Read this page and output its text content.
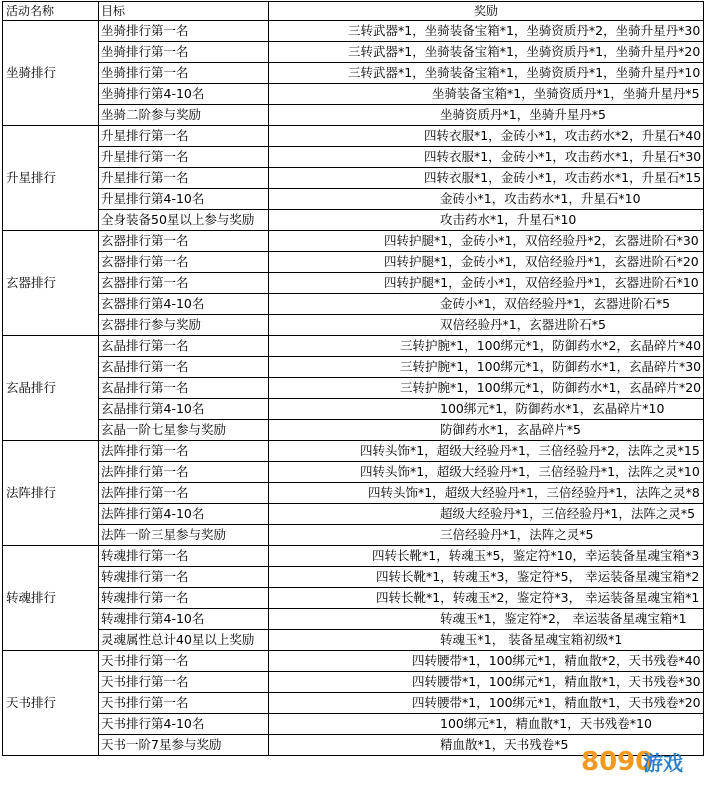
活动名称	目标	奖励
坐骑排行	坐骑排行第一名	三转武器*1，坐骑装备宝箱*1，坐骑资质丹*2，坐骑升星丹*30
	坐骑排行第一名	三转武器*1，坐骑装备宝箱*1，坐骑资质丹*1，坐骑升星丹*20
	坐骑排行第一名	三转武器*1，坐骑装备宝箱*1，坐骑资质丹*1，坐骑升星丹*10
	坐骑排行第4-10名	坐骑装备宝箱*1，坐骑资质丹*1，坐骑升星丹*5
	坐骑二阶参与奖励	坐骑资质丹*1，坐骑升星丹*5
升星排行	升星排行第一名	四转衣服*1，金砖小*1，攻击药水*2，升星石*40
	升星排行第一名	四转衣服*1，金砖小*1，攻击药水*1，升星石*30
	升星排行第一名	四转衣服*1，金砖小*1，攻击药水*1，升星石*15
	升星排行第4-10名	金砖小*1，攻击药水*1，升星石*10
	全身装备50星以上参与奖励	攻击药水*1，升星石*10
玄器排行	玄器排行第一名	四转护腿*1，金砖小*1，双倍经验丹*2，玄器进阶石*30
	玄器排行第一名	四转护腿*1，金砖小*1，双倍经验丹*1，玄器进阶石*20
	玄器排行第一名	四转护腿*1，金砖小*1，双倍经验丹*1，玄器进阶石*10
	玄器排行第4-10名	金砖小*1，双倍经验丹*1，玄器进阶石*5
	玄器排行参与奖励	双倍经验丹*1，玄器进阶石*5
玄晶排行	玄晶排行第一名	三转护腕*1，100绑元*1，防御药水*2，玄晶碎片*40
	玄晶排行第一名	三转护腕*1，100绑元*1，防御药水*1，玄晶碎片*30
	玄晶排行第一名	三转护腕*1，100绑元*1，防御药水*1，玄晶碎片*20
	玄晶排行第4-10名	100绑元*1，防御药水*1，玄晶碎片*10
	玄晶一阶七星参与奖励	防御药水*1，玄晶碎片*5
法阵排行	法阵排行第一名	四转头饰*1，超级大经验丹*1，三倍经验丹*2，法阵之灵*15
	法阵排行第一名	四转头饰*1，超级大经验丹*1，三倍经验丹*1，法阵之灵*10
	法阵排行第一名	四转头饰*1，超级大经验丹*1，三倍经验丹*1，法阵之灵*8
	法阵排行第4-10名	超级大经验丹*1，三倍经验丹*1，法阵之灵*5
	法阵一阶三星参与奖励	三倍经验丹*1，法阵之灵*5
转魂排行	转魂排行第一名	四转长靴*1，转魂玉*5，鉴定符*10，幸运装备星魂宝箱*3
	转魂排行第一名	四转长靴*1，转魂玉*3，鉴定符*5， 幸运装备星魂宝箱*2
	转魂排行第一名	四转长靴*1，转魂玉*2，鉴定符*3， 幸运装备星魂宝箱*1
	转魂排行第4-10名	转魂玉*1，鉴定符*2， 幸运装备星魂宝箱*1
	灵魂属性总计40星以上奖励	转魂玉*1， 装备星魂宝箱初级*1
天书排行	天书排行第一名	四转腰带*1，100绑元*1，精血散*2，天书残卷*40
	天书排行第一名	四转腰带*1，100绑元*1，精血散*1，天书残卷*30
	天书排行第一名	四转腰带*1，100绑元*1，精血散*1，天书残卷*20
	天书排行第4-10名	100绑元*1，精血散*1，天书残卷*10
	天书一阶7星参与奖励	精血散*1，天书残卷*5
8090
游戏
